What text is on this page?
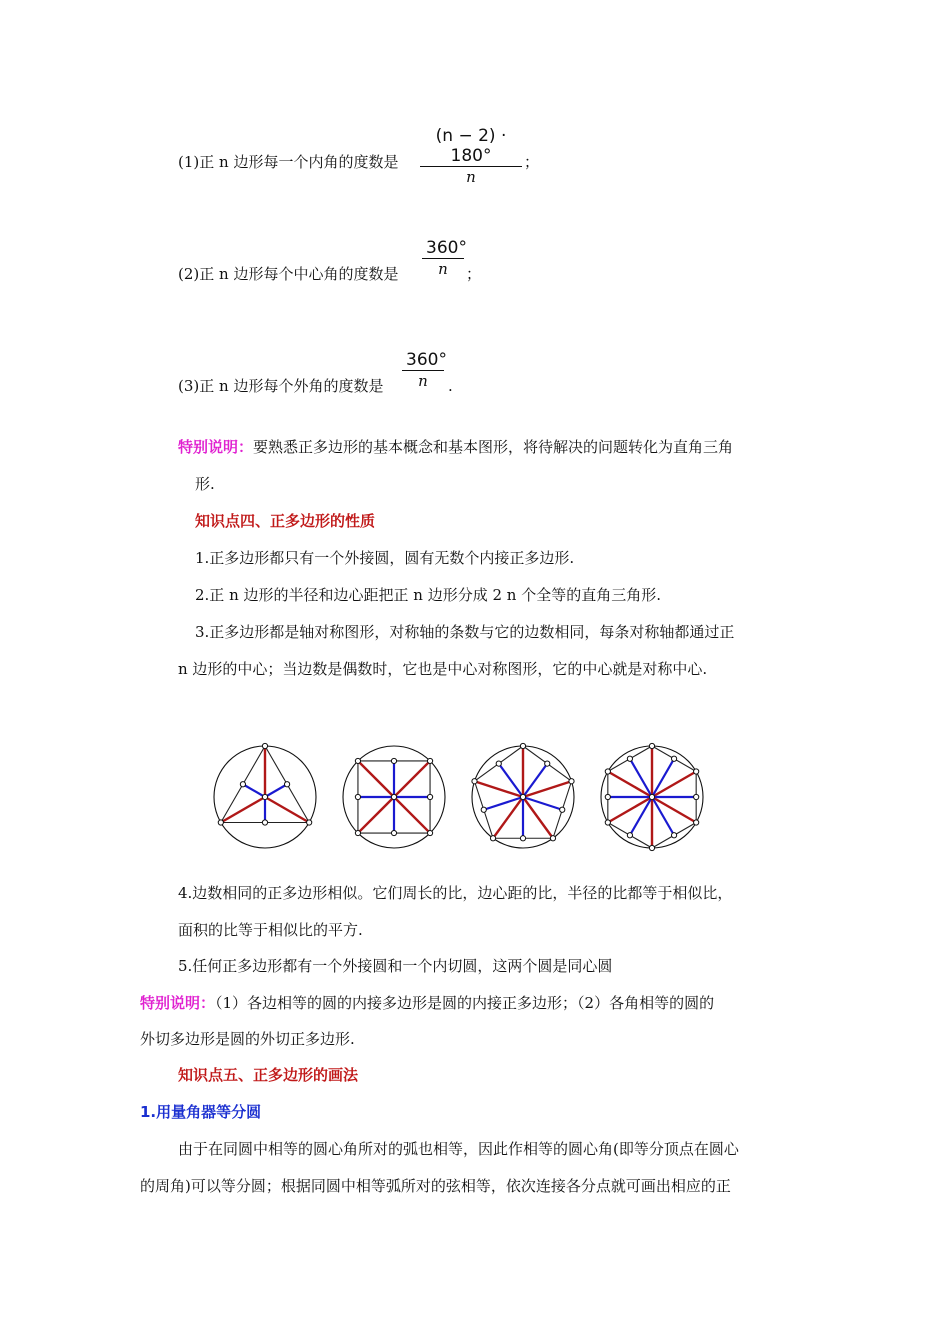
(1)正 n 边形每一个内角的度数是
(n − 2) · 180°
n
；
(2)正 n 边形每个中心角的度数是
360°
n	；
(3)正 n 边形每个外角的度数是
360°
n	.
特别说明：要熟悉正多边形的基本概念和基本图形，将待解决的问题转化为直角三角
形.
知识点四、正多边形的性质
1.正多边形都只有一个外接圆，圆有无数个内接正多边形.
2.正 n 边形的半径和边心距把正 n 边形分成 2 n 个全等的直角三角形.
3.正多边形都是轴对称图形，对称轴的条数与它的边数相同，每条对称轴都通过正
n 边形的中心；当边数是偶数时，它也是中心对称图形，它的中心就是对称中心.
4.边数相同的正多边形相似。它们周长的比，边心距的比，半径的比都等于相似比，
面积的比等于相似比的平方.
5.任何正多边形都有一个外接圆和一个内切圆，这两个圆是同心圆
特别说明：（1）各边相等的圆的内接多边形是圆的内接正多边形；（2）各角相等的圆的
外切多边形是圆的外切正多边形.
知识点五、正多边形的画法
1.用量角器等分圆
由于在同圆中相等的圆心角所对的弧也相等，因此作相等的圆心角(即等分顶点在圆心
的周角)可以等分圆；根据同圆中相等弧所对的弦相等，依次连接各分点就可画出相应的正
